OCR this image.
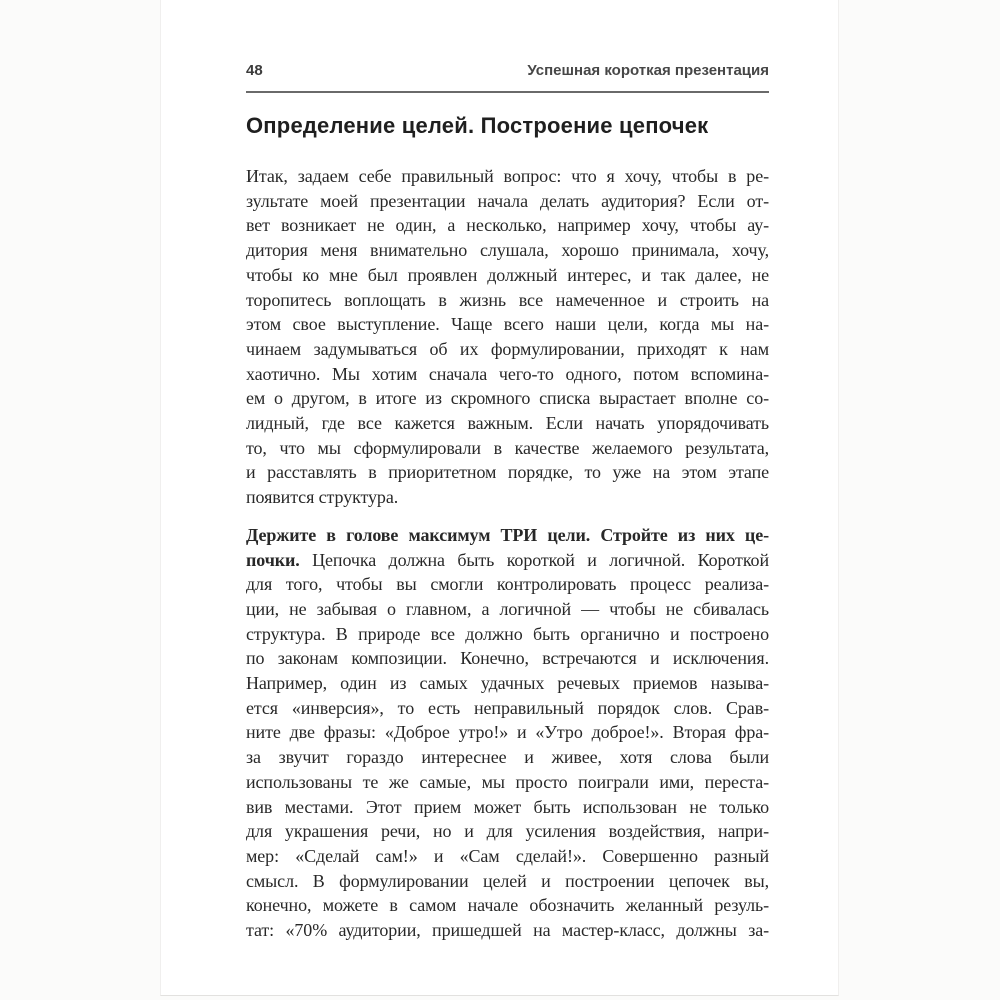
48	Успешная короткая презентация
Определение целей. Построение цепочек
Итак, задаем себе правильный вопрос: что я хочу, чтобы в ре-
зультате моей презентации начала делать аудитория? Если от-
вет возникает не один, а несколько, например хочу, чтобы ау-
дитория меня внимательно слушала, хорошо принимала, хочу,
чтобы ко мне был проявлен должный интерес, и так далее, не
торопитесь воплощать в жизнь все намеченное и строить на
этом свое выступление. Чаще всего наши цели, когда мы на-
чинаем задумываться об их формулировании, приходят к нам
хаотично. Мы хотим сначала чего-то одного, потом вспомина-
ем о другом, в итоге из скромного списка вырастает вполне со-
лидный, где все кажется важным. Если начать упорядочивать
то, что мы сформулировали в качестве желаемого результата,
и расставлять в приоритетном порядке, то уже на этом этапе
появится структура.
Держите в голове максимум ТРИ цели. Стройте из них це-
почки. Цепочка должна быть короткой и логичной. Короткой
для того, чтобы вы смогли контролировать процесс реализа-
ции, не забывая о главном, а логичной — чтобы не сбивалась
структура. В природе все должно быть органично и построено
по законам композиции. Конечно, встречаются и исключения.
Например, один из самых удачных речевых приемов называ-
ется «инверсия», то есть неправильный порядок слов. Срав-
ните две фразы: «Доброе утро!» и «Утро доброе!». Вторая фра-
за звучит гораздо интереснее и живее, хотя слова были
использованы те же самые, мы просто поиграли ими, переста-
вив местами. Этот прием может быть использован не только
для украшения речи, но и для усиления воздействия, напри-
мер: «Сделай сам!» и «Сам сделай!». Совершенно разный
смысл. В формулировании целей и построении цепочек вы,
конечно, можете в самом начале обозначить желанный резуль-
тат: «70% аудитории, пришедшей на мастер-класс, должны за-
